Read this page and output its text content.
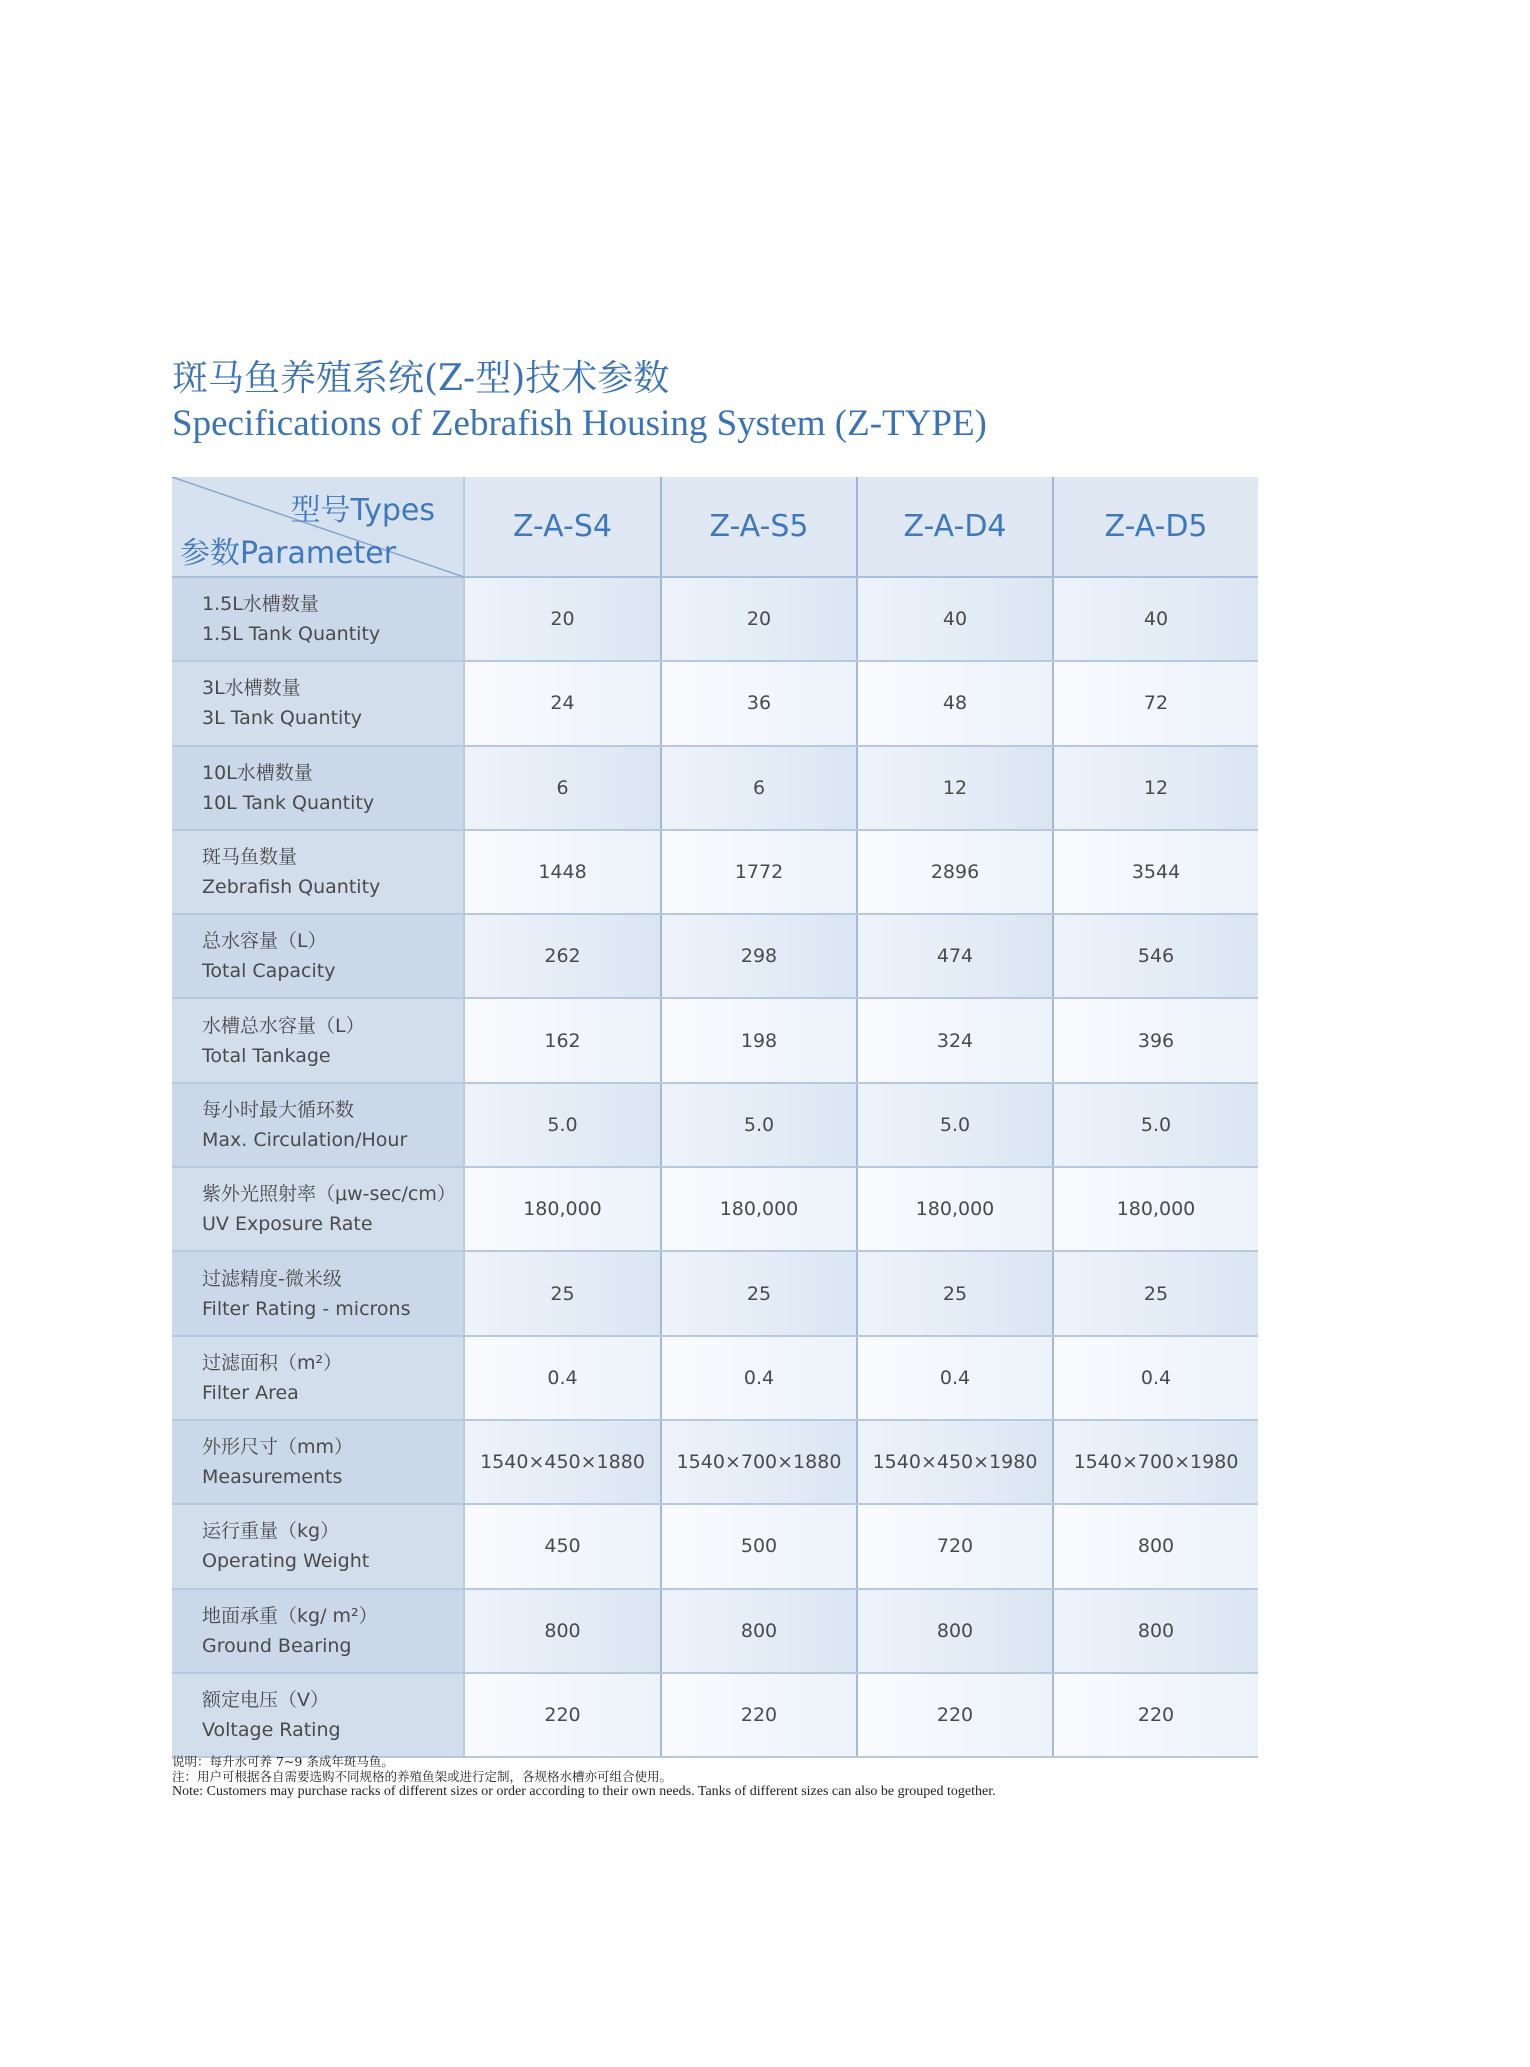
斑马鱼养殖系统(Z-型)技术参数
Specifications of Zebrafish Housing System (Z-TYPE)
型号Types
参数Parameter	Z-A-S4	Z-A-S5	Z-A-D4	Z-A-D5

1.5L水槽数量
1.5L Tank Quantity	20	20	40	40

3L水槽数量
3L Tank Quantity	24	36	48	72

10L水槽数量
10L Tank Quantity	6	6	12	12

斑马鱼数量
Zebrafish Quantity	1448	1772	2896	3544

总水容量（L）
Total Capacity	262	298	474	546

水槽总水容量（L）
Total Tankage	162	198	324	396

每小时最大循环数
Max. Circulation/Hour	5.0	5.0	5.0	5.0

紫外光照射率（μw-sec/cm）
UV Exposure Rate	180,000	180,000	180,000	180,000

过滤精度-微米级
Filter Rating - microns	25	25	25	25

过滤面积（m²）
Filter Area	0.4	0.4	0.4	0.4

外形尺寸（mm）
Measurements	1540×450×1880	1540×700×1880	1540×450×1980	1540×700×1980

运行重量（kg）
Operating Weight	450	500	720	800

地面承重（kg/ m²）
Ground Bearing	800	800	800	800

额定电压（V）
Voltage Rating	220	220	220	220
说明：每升水可养 7~9 条成年斑马鱼。
注：用户可根据各自需要选购不同规格的养殖鱼架或进行定制，各规格水槽亦可组合使用。
Note: Customers may purchase racks of different sizes or order according to their own needs. Tanks of different sizes can also be grouped together.
